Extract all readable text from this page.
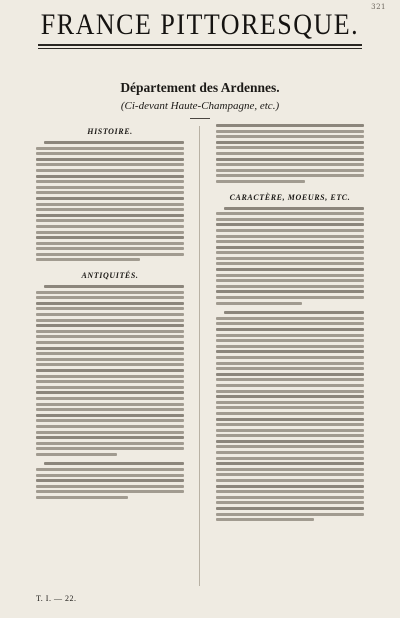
321
FRANCE PITTORESQUE.
Département des Ardennes.
(Ci-devant Haute-Champagne, etc.)
HISTOIRE.
ANTIQUITÉS.
CARACTÈRE, MOEURS, ETC.
T. I. — 22.
